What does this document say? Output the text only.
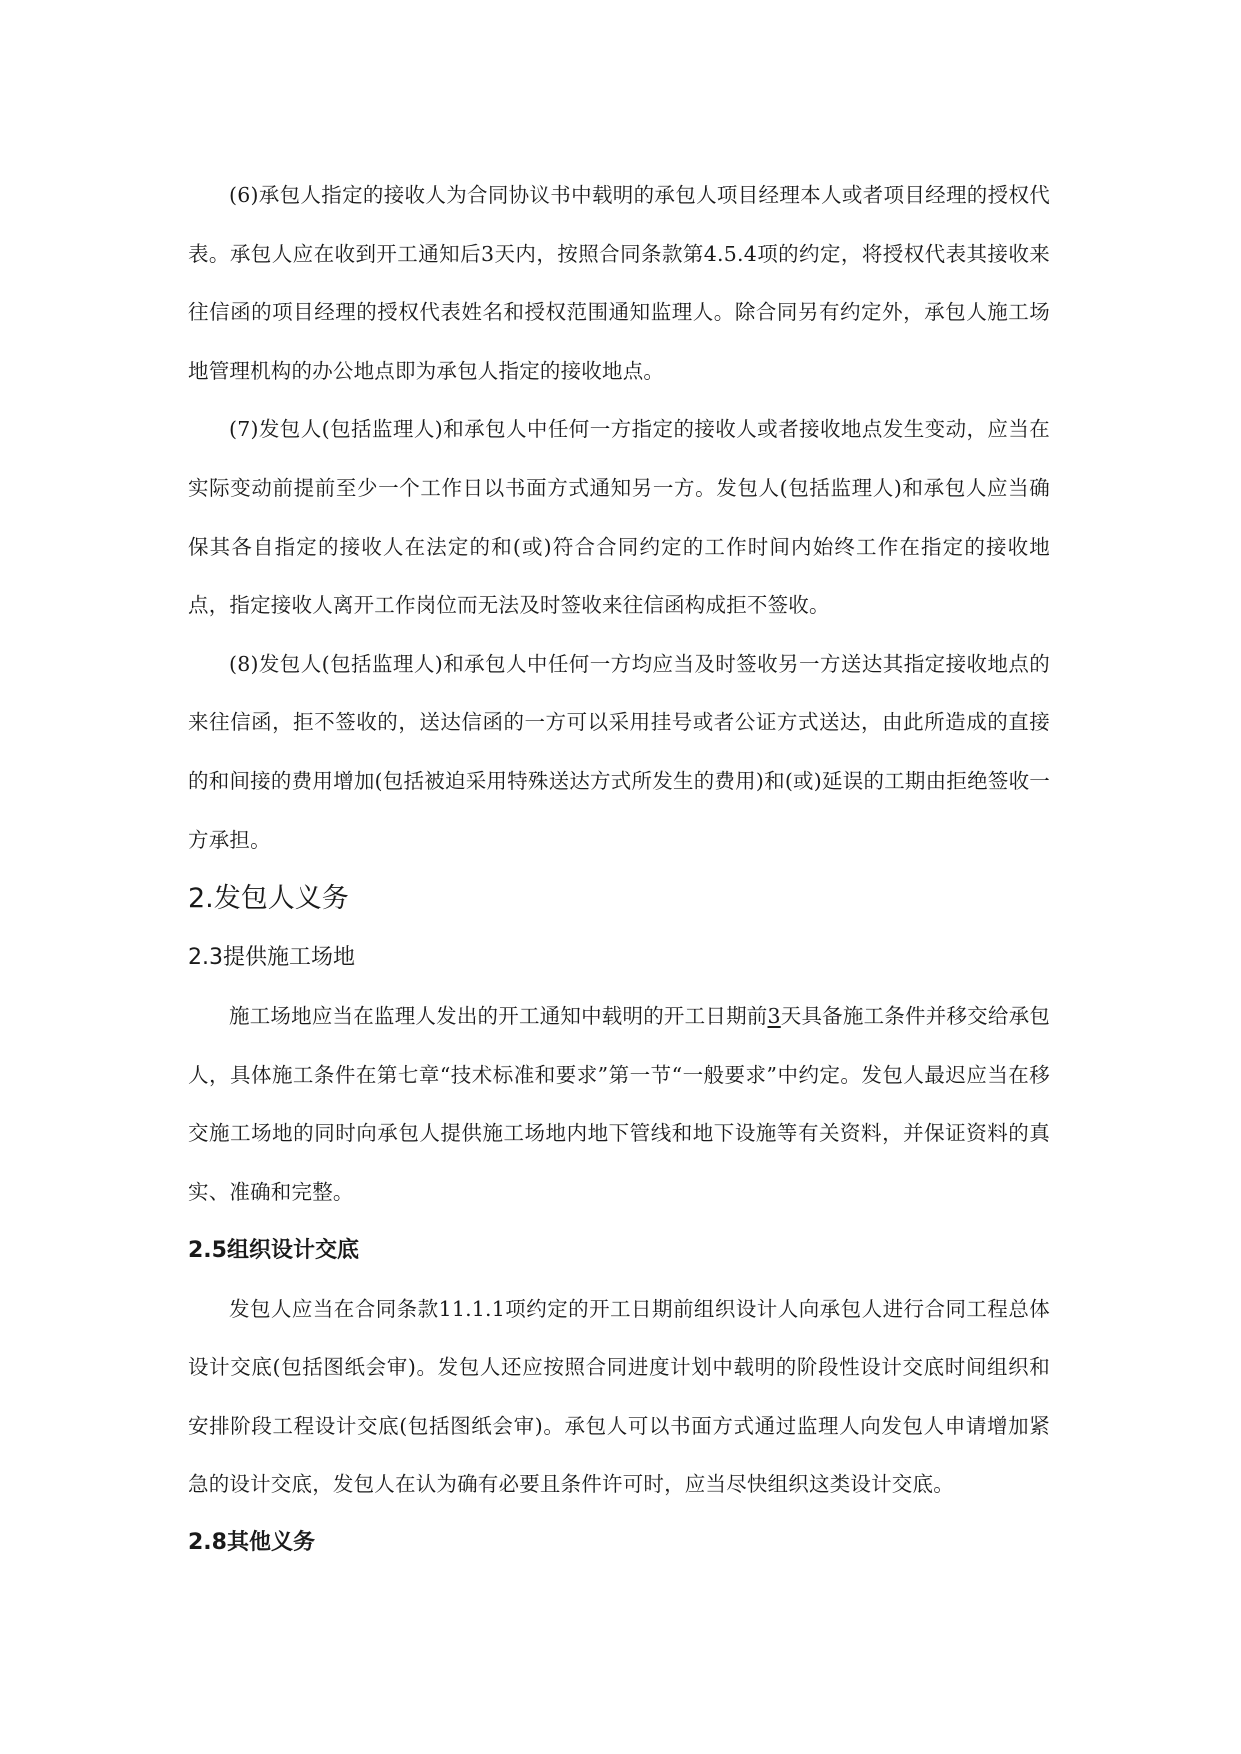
(6)承包人指定的接收人为合同协议书中载明的承包人项目经理本人或者项目经理的授权代表。承包人应在收到开工通知后3天内，按照合同条款第4.5.4项的约定，将授权代表其接收来往信函的项目经理的授权代表姓名和授权范围通知监理人。除合同另有约定外，承包人施工场地管理机构的办公地点即为承包人指定的接收地点。

(7)发包人(包括监理人)和承包人中任何一方指定的接收人或者接收地点发生变动，应当在实际变动前提前至少一个工作日以书面方式通知另一方。发包人(包括监理人)和承包人应当确保其各自指定的接收人在法定的和(或)符合合同约定的工作时间内始终工作在指定的接收地点，指定接收人离开工作岗位而无法及时签收来往信函构成拒不签收。

(8)发包人(包括监理人)和承包人中任何一方均应当及时签收另一方送达其指定接收地点的来往信函，拒不签收的，送达信函的一方可以采用挂号或者公证方式送达，由此所造成的直接的和间接的费用增加(包括被迫采用特殊送达方式所发生的费用)和(或)延误的工期由拒绝签收一方承担。

2.发包人义务
2.3提供施工场地

施工场地应当在监理人发出的开工通知中载明的开工日期前3天具备施工条件并移交给承包人，具体施工条件在第七章“技术标准和要求”第一节“一般要求”中约定。发包人最迟应当在移交施工场地的同时向承包人提供施工场地内地下管线和地下设施等有关资料，并保证资料的真实、准确和完整。

2.5组织设计交底

发包人应当在合同条款11.1.1项约定的开工日期前组织设计人向承包人进行合同工程总体设计交底(包括图纸会审)。发包人还应按照合同进度计划中载明的阶段性设计交底时间组织和安排阶段工程设计交底(包括图纸会审)。承包人可以书面方式通过监理人向发包人申请增加紧急的设计交底，发包人在认为确有必要且条件许可时，应当尽快组织这类设计交底。

2.8其他义务
